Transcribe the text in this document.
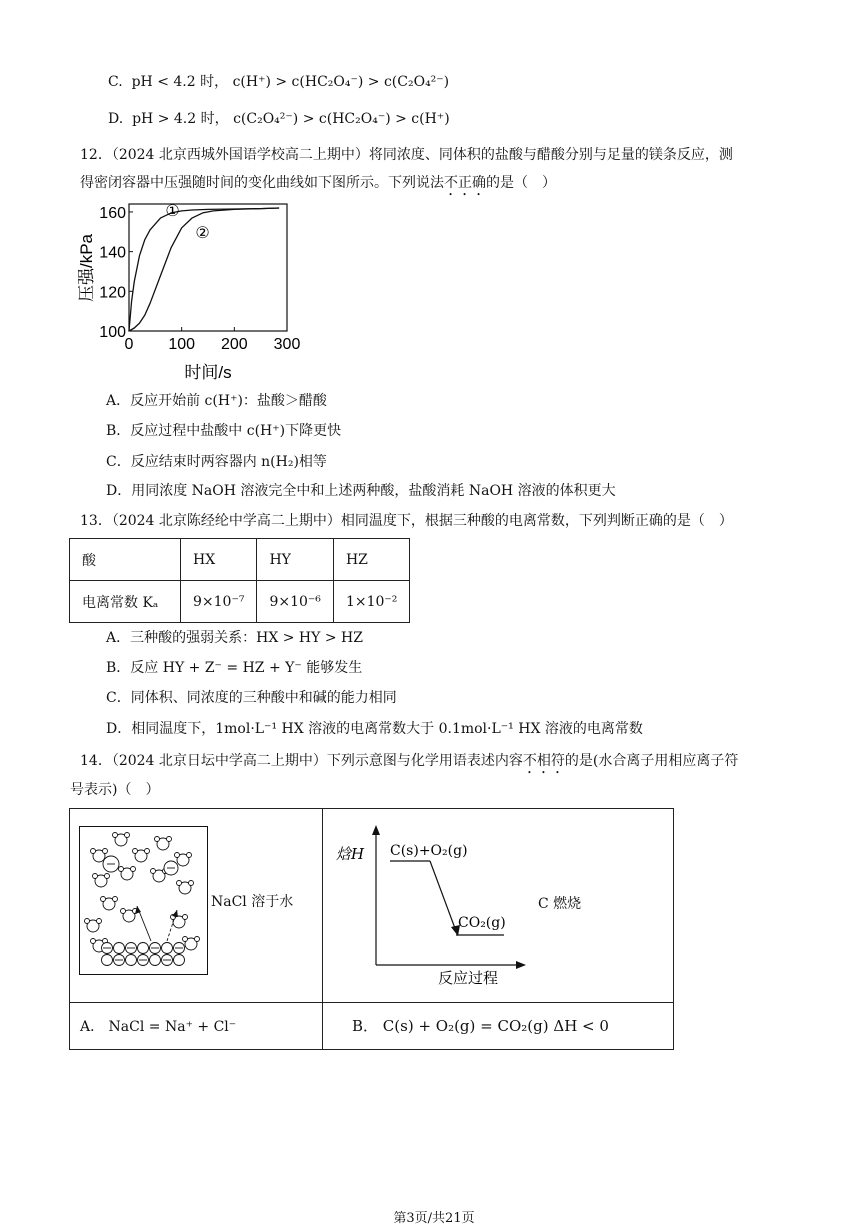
C. pH < 4.2 时， c(H⁺) > c(HC₂O₄⁻) > c(C₂O₄²⁻)
D. pH > 4.2 时， c(C₂O₄²⁻) > c(HC₂O₄⁻) > c(H⁺)
12．（2024 北京西城外国语学校高二上期中）将同浓度、同体积的盐酸与醋酸分别与足量的镁条反应，测
得密闭容器中压强随时间的变化曲线如下图所示。下列说法不正确的是（　）
0 100 200 300
100
120
140
160 ①
②
压强/kPa
时间/s
A．反应开始前 c(H⁺)：盐酸＞醋酸
B．反应过程中盐酸中 c(H⁺)下降更快
C．反应结束时两容器内 n(H₂)相等
D．用同浓度 NaOH 溶液完全中和上述两种酸，盐酸消耗 NaOH 溶液的体积更大
13．（2024 北京陈经纶中学高二上期中）相同温度下，根据三种酸的电离常数，下列判断正确的是（　）
酸	HX	HY	HZ
电离常数 Kₐ	9×10⁻⁷	9×10⁻⁶	1×10⁻²
A．三种酸的强弱关系：HX > HY > HZ
B．反应 HY + Z⁻ = HZ + Y⁻ 能够发生
C．同体积、同浓度的三种酸中和碱的能力相同
D．相同温度下，1mol·L⁻¹ HX 溶液的电离常数大于 0.1mol·L⁻¹ HX 溶液的电离常数
14．（2024 北京日坛中学高二上期中）下列示意图与化学用语表述内容不相符的是(水合离子用相应离子符
号表示)（　）
NaCl 溶于水
焓H C(s)+O₂(g)
CO₂(g)
反应过程
C 燃烧
A． NaCl = Na⁺ + Cl⁻	B． C(s) + O₂(g) = CO₂(g) ΔH < 0
第3页/共21页
